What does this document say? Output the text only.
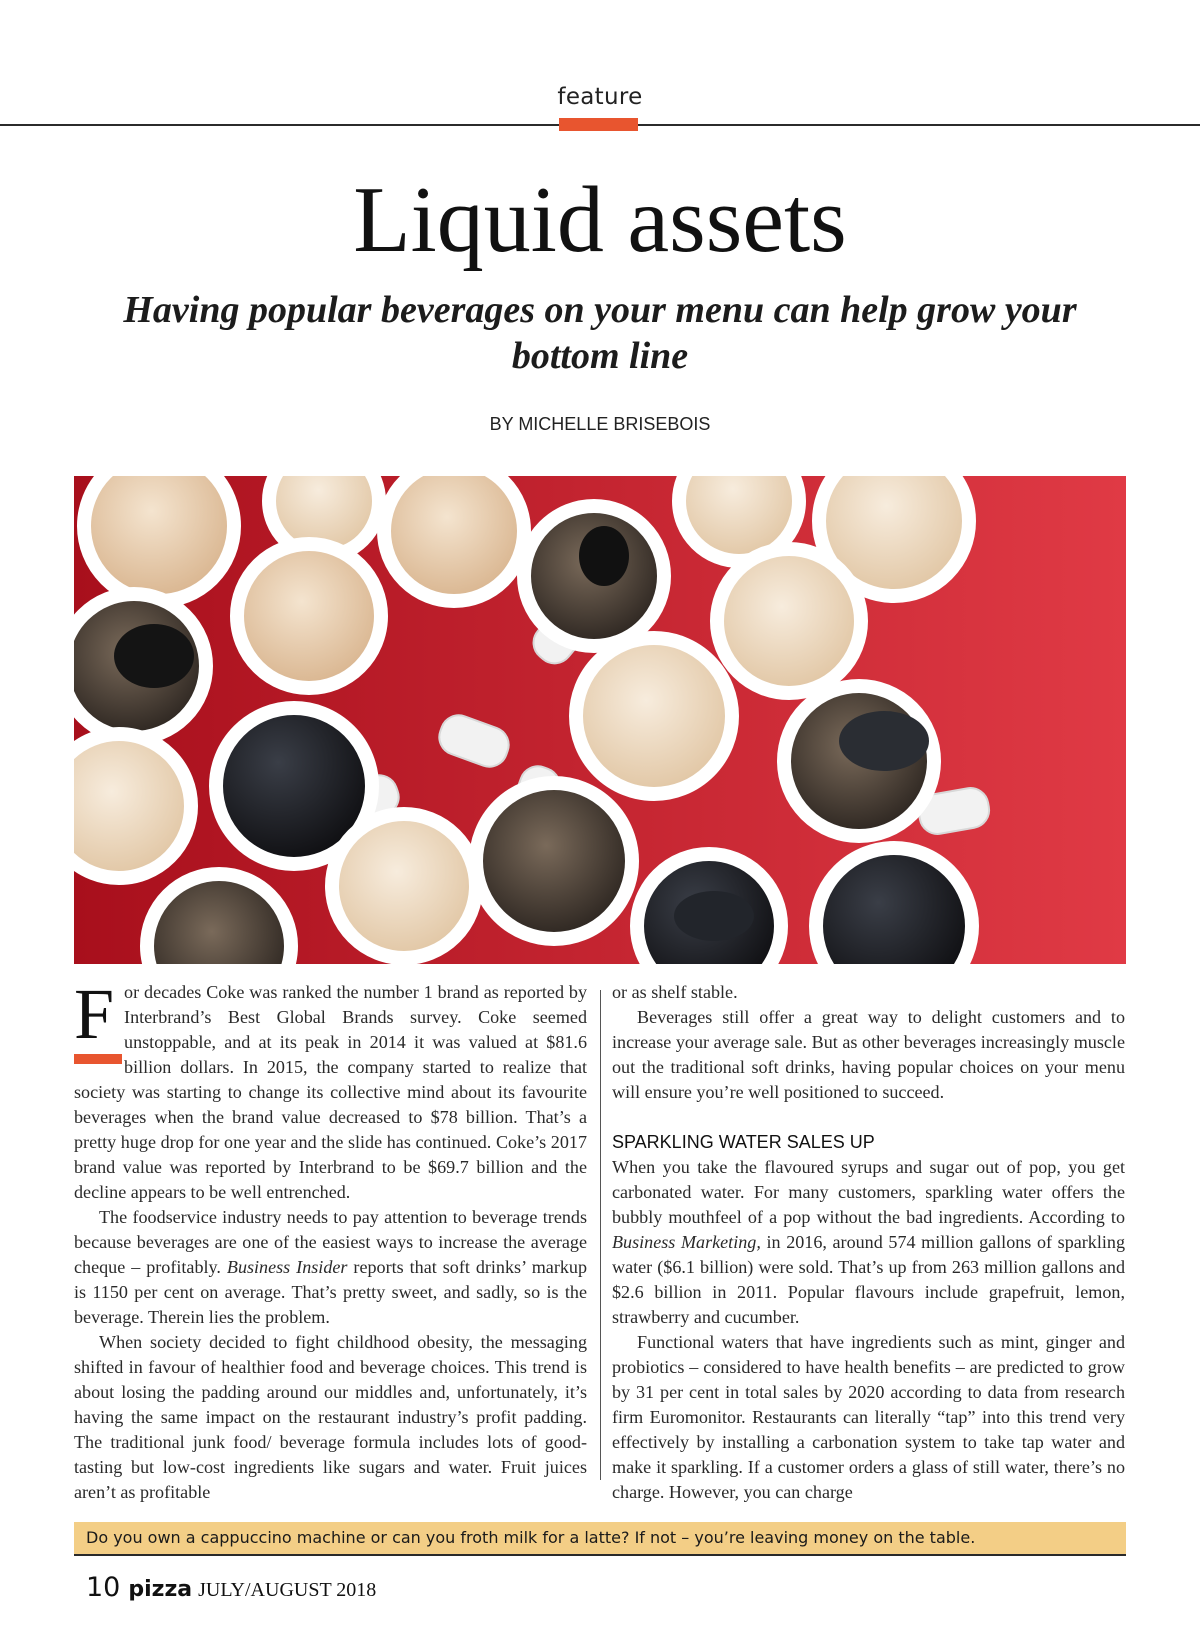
feature
Liquid assets
Having popular beverages on your menu can help grow your bottom line
BY MICHELLE BRISEBOIS

For decades Coke was ranked the number 1 brand as reported by Interbrand’s Best Global Brands survey. Coke seemed unstoppable, and at its peak in 2014 it was valued at $81.6 billion dollars. In 2015, the company started to realize that society was starting to change its collective mind about its favourite beverages when the brand value decreased to $78 billion. That’s a pretty huge drop for one year and the slide has continued. Coke’s 2017 brand value was reported by Interbrand to be $69.7 billion and the decline appears to be well entrenched.

The foodservice industry needs to pay attention to beverage trends because beverages are one of the easiest ways to increase the average cheque – profitably. Business Insider reports that soft drinks’ markup is 1150 per cent on average. That’s pretty sweet, and sadly, so is the beverage. Therein lies the problem.

When society decided to fight childhood obesity, the messaging shifted in favour of healthier food and beverage choices. This trend is about losing the padding around our middles and, unfortunately, it’s having the same impact on the restaurant industry’s profit padding. The traditional junk food/ beverage formula includes lots of good-tasting but low-cost ingredients like sugars and water. Fruit juices aren’t as profitable

or as shelf stable.

Beverages still offer a great way to delight customers and to increase your average sale. But as other beverages increasingly muscle out the traditional soft drinks, having popular choices on your menu will ensure you’re well positioned to succeed.

SPARKLING WATER SALES UP

When you take the flavoured syrups and sugar out of pop, you get carbonated water. For many customers, sparkling water offers the bubbly mouthfeel of a pop without the bad ingredients. According to Business Marketing, in 2016, around 574 million gallons of sparkling water ($6.1 billion) were sold. That’s up from 263 million gallons and $2.6 billion in 2011. Popular flavours include grapefruit, lemon, strawberry and cucumber.

Functional waters that have ingredients such as mint, ginger and probiotics – considered to have health benefits – are predicted to grow by 31 per cent in total sales by 2020 according to data from research firm Euromonitor. Restaurants can literally “tap” into this trend very effectively by installing a carbonation system to take tap water and make it sparkling. If a customer orders a glass of still water, there’s no charge. However, you can charge

Do you own a cappuccino machine or can you froth milk for a latte? If not – you’re leaving money on the table.
10 pizza JULY/AUGUST 2018
